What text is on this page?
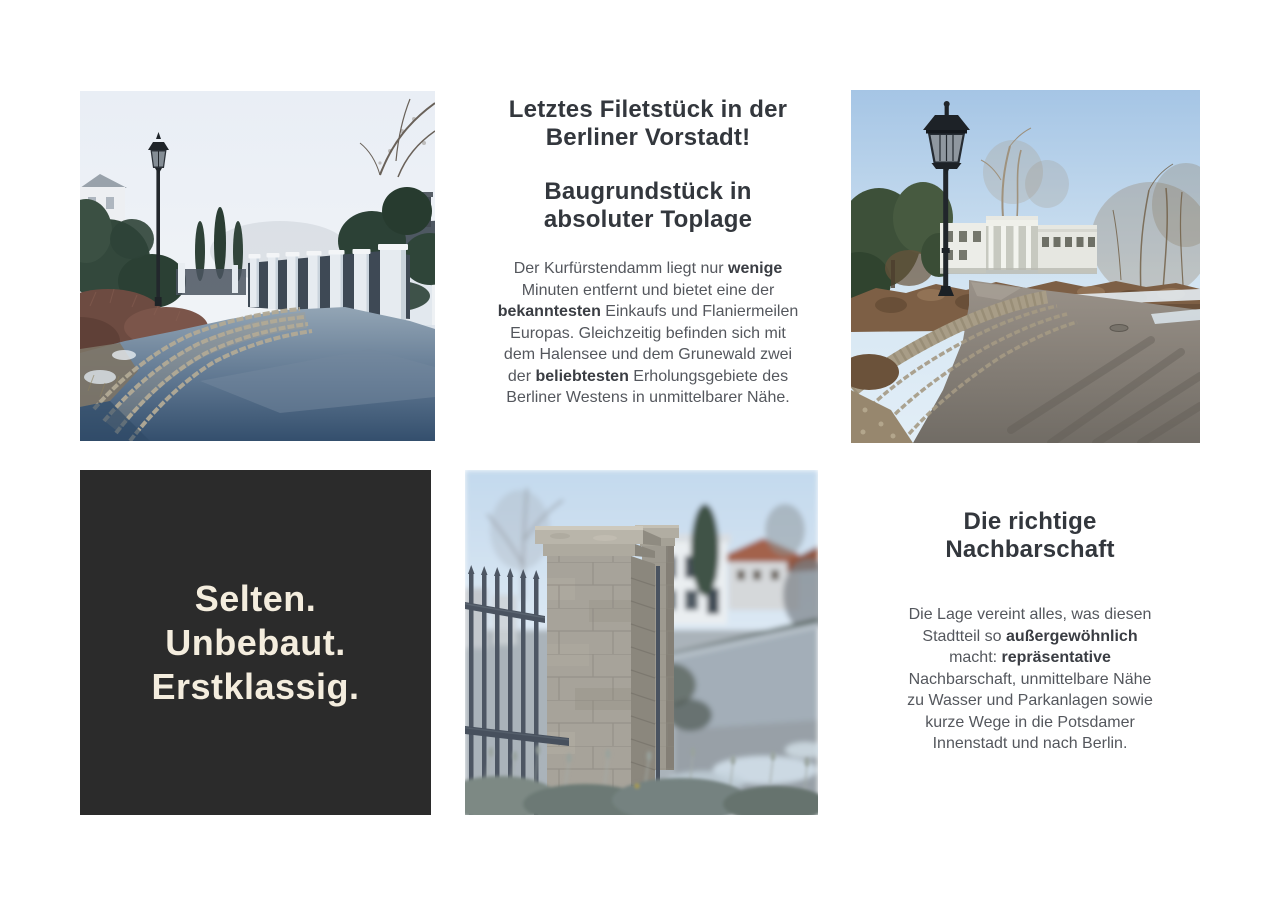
Letztes Filetstück in der
Berliner Vorstadt!
Baugrundstück in
absoluter Toplage

Der Kurfürstendamm liegt nur wenige
Minuten entfernt und bietet eine der
bekanntesten Einkaufs und Flaniermeilen
Europas. Gleichzeitig befinden sich mit
dem Halensee und dem Grunewald zwei
der beliebtesten Erholungsgebiete des
Berliner Westens in unmittelbarer Nähe.

Selten.
Unbebaut.
Erstklassig.
Die richtige
Nachbarschaft

Die Lage vereint alles, was diesen
Stadtteil so außergewöhnlich
macht: repräsentative
Nachbarschaft, unmittelbare Nähe
zu Wasser und Parkanlagen sowie
kurze Wege in die Potsdamer
Innenstadt und nach Berlin.
